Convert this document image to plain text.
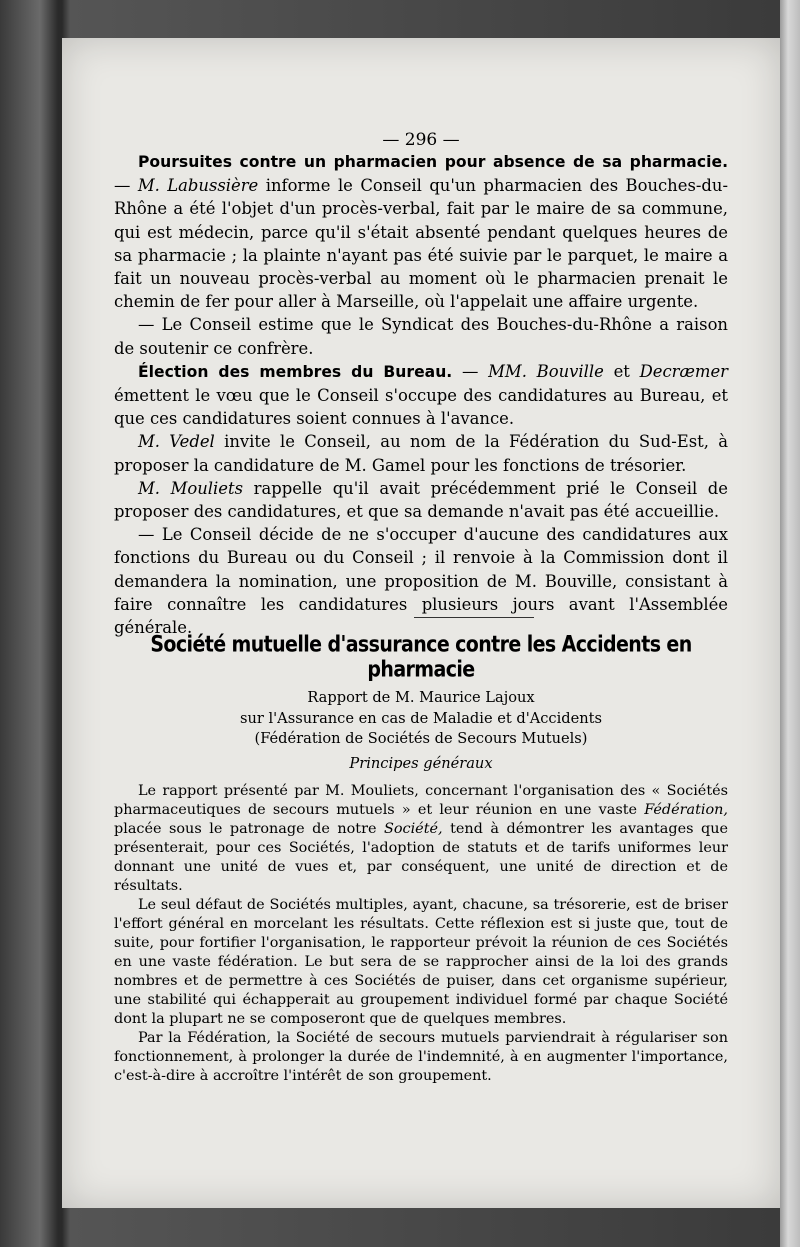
— 296 —

Poursuites contre un pharmacien pour absence de sa pharmacie. — M. Labussière informe le Conseil qu'un pharmacien des Bouches-du-Rhône a été l'objet d'un procès-verbal, fait par le maire de sa commune, qui est médecin, parce qu'il s'était absenté pendant quelques heures de sa pharmacie ; la plainte n'ayant pas été suivie par le parquet, le maire a fait un nouveau procès-verbal au moment où le pharmacien prenait le chemin de fer pour aller à Marseille, où l'appelait une affaire urgente.

— Le Conseil estime que le Syndicat des Bouches-du-Rhône a raison de soutenir ce confrère.

Élection des membres du Bureau. — MM. Bouville et Decræmer émettent le vœu que le Conseil s'occupe des candidatures au Bureau, et que ces candidatures soient connues à l'avance.

M. Vedel invite le Conseil, au nom de la Fédération du Sud-Est, à proposer la candidature de M. Gamel pour les fonctions de trésorier.

M. Mouliets rappelle qu'il avait précédemment prié le Conseil de proposer des candidatures, et que sa demande n'avait pas été accueillie.

— Le Conseil décide de ne s'occuper d'aucune des candidatures aux fonctions du Bureau ou du Conseil ; il renvoie à la Commission dont il demandera la nomination, une proposition de M. Bouville, consistant à faire connaître les candidatures plusieurs jours avant l'Assemblée générale.

Société mutuelle d'assurance contre les Accidents en pharmacie
Rapport de M. Maurice Lajoux
sur l'Assurance en cas de Maladie et d'Accidents
(Fédération de Sociétés de Secours Mutuels)
Principes généraux

Le rapport présenté par M. Mouliets, concernant l'organisation des « Sociétés pharmaceutiques de secours mutuels » et leur réunion en une vaste Fédération, placée sous le patronage de notre Société, tend à démontrer les avantages que présenterait, pour ces Sociétés, l'adoption de statuts et de tarifs uniformes leur donnant une unité de vues et, par conséquent, une unité de direction et de résultats.

Le seul défaut de Sociétés multiples, ayant, chacune, sa trésorerie, est de briser l'effort général en morcelant les résultats. Cette réflexion est si juste que, tout de suite, pour fortifier l'organisation, le rapporteur prévoit la réunion de ces Sociétés en une vaste fédération. Le but sera de se rapprocher ainsi de la loi des grands nombres et de permettre à ces Sociétés de puiser, dans cet organisme supérieur, une stabilité qui échapperait au groupement individuel formé par chaque Société dont la plupart ne se composeront que de quelques membres.

Par la Fédération, la Société de secours mutuels parviendrait à régulariser son fonctionnement, à prolonger la durée de l'indemnité, à en augmenter l'importance, c'est-à-dire à accroître l'intérêt de son groupement.
